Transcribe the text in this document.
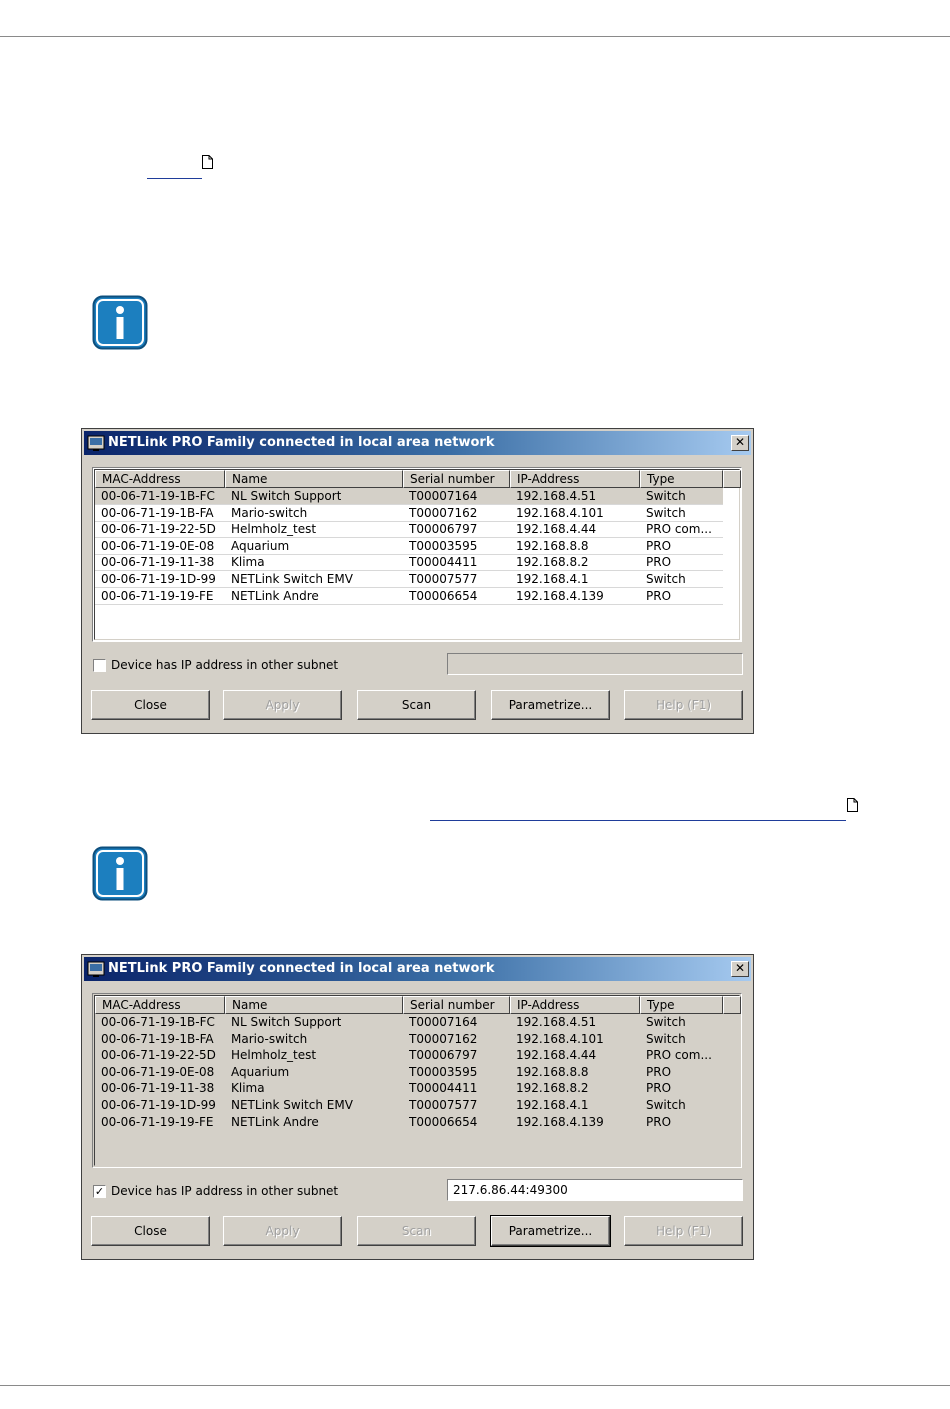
NETLink PRO Family connected in local area network	✕
MAC-Address	Name	Serial number	IP-Address	Type
00-06-71-19-1B-FC NL Switch Support	T00007164	192.168.4.51	Switch
00-06-71-19-1B-FA Mario-switch	T00007162	192.168.4.101	Switch
00-06-71-19-22-5D Helmholz_test	T00006797	192.168.4.44	PRO com...
00-06-71-19-0E-08 Aquarium	T00003595	192.168.8.8	PRO
00-06-71-19-11-38 Klima	T00004411	192.168.8.2	PRO
00-06-71-19-1D-99 NETLink Switch EMV	T00007577	192.168.4.1	Switch
00-06-71-19-19-FE NETLink Andre	T00006654	192.168.4.139	PRO
Device has IP address in other subnet
Close	Apply	Scan	Parametrize...	Help (F1)
NETLink PRO Family connected in local area network	✕
MAC-Address	Name	Serial number	IP-Address	Type
00-06-71-19-1B-FC NL Switch Support	T00007164	192.168.4.51	Switch
00-06-71-19-1B-FA Mario-switch	T00007162	192.168.4.101	Switch
00-06-71-19-22-5D Helmholz_test	T00006797	192.168.4.44	PRO com...
00-06-71-19-0E-08 Aquarium	T00003595	192.168.8.8	PRO
00-06-71-19-11-38 Klima	T00004411	192.168.8.2	PRO
00-06-71-19-1D-99 NETLink Switch EMV	T00007577	192.168.4.1	Switch
00-06-71-19-19-FE NETLink Andre	T00006654	192.168.4.139	PRO
✓ Device has IP address in other subnet	217.6.86.44:49300
Close	Apply	Scan	Parametrize...	Help (F1)
